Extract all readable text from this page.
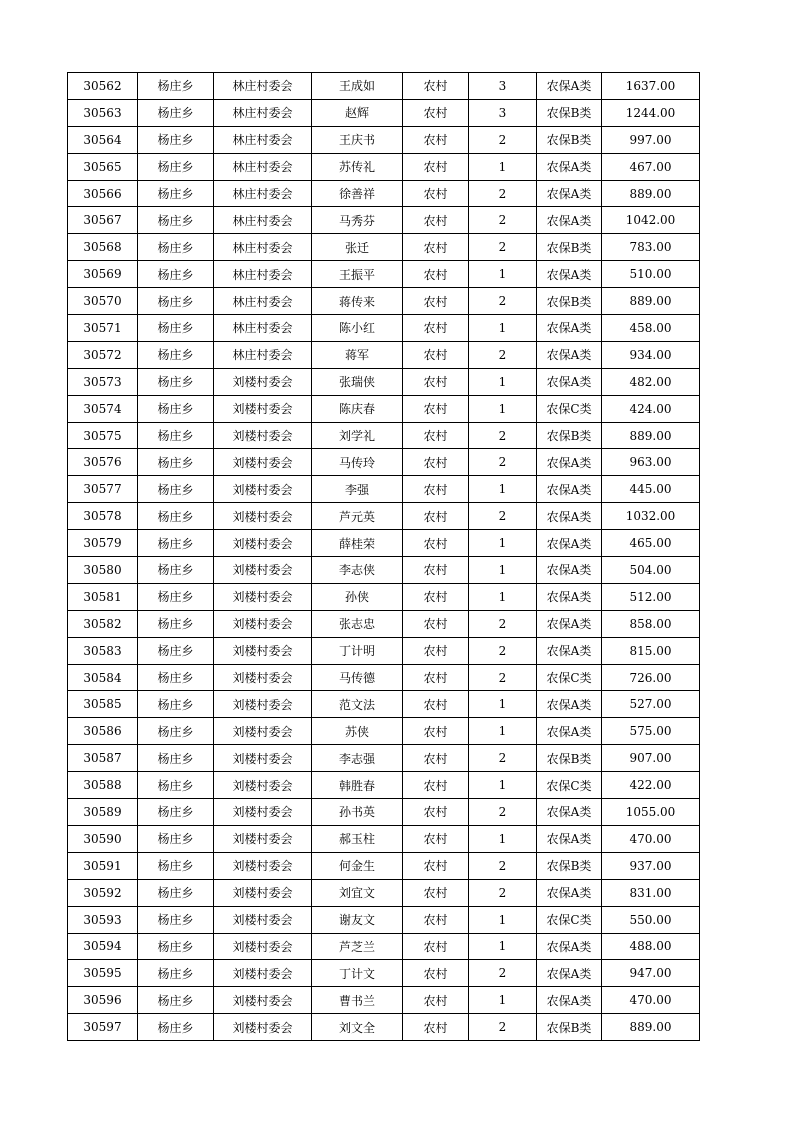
30562	杨庄乡	林庄村委会	王成如	农村	3	农保A类	1637.00
30563	杨庄乡	林庄村委会	赵辉	农村	3	农保B类	1244.00
30564	杨庄乡	林庄村委会	王庆书	农村	2	农保B类	997.00
30565	杨庄乡	林庄村委会	苏传礼	农村	1	农保A类	467.00
30566	杨庄乡	林庄村委会	徐善祥	农村	2	农保A类	889.00
30567	杨庄乡	林庄村委会	马秀芬	农村	2	农保A类	1042.00
30568	杨庄乡	林庄村委会	张迁	农村	2	农保B类	783.00
30569	杨庄乡	林庄村委会	王振平	农村	1	农保A类	510.00
30570	杨庄乡	林庄村委会	蒋传来	农村	2	农保B类	889.00
30571	杨庄乡	林庄村委会	陈小红	农村	1	农保A类	458.00
30572	杨庄乡	林庄村委会	蒋军	农村	2	农保A类	934.00
30573	杨庄乡	刘楼村委会	张瑞侠	农村	1	农保A类	482.00
30574	杨庄乡	刘楼村委会	陈庆春	农村	1	农保C类	424.00
30575	杨庄乡	刘楼村委会	刘学礼	农村	2	农保B类	889.00
30576	杨庄乡	刘楼村委会	马传玲	农村	2	农保A类	963.00
30577	杨庄乡	刘楼村委会	李强	农村	1	农保A类	445.00
30578	杨庄乡	刘楼村委会	芦元英	农村	2	农保A类	1032.00
30579	杨庄乡	刘楼村委会	薛桂荣	农村	1	农保A类	465.00
30580	杨庄乡	刘楼村委会	李志侠	农村	1	农保A类	504.00
30581	杨庄乡	刘楼村委会	孙侠	农村	1	农保A类	512.00
30582	杨庄乡	刘楼村委会	张志忠	农村	2	农保A类	858.00
30583	杨庄乡	刘楼村委会	丁计明	农村	2	农保A类	815.00
30584	杨庄乡	刘楼村委会	马传德	农村	2	农保C类	726.00
30585	杨庄乡	刘楼村委会	范文法	农村	1	农保A类	527.00
30586	杨庄乡	刘楼村委会	苏侠	农村	1	农保A类	575.00
30587	杨庄乡	刘楼村委会	李志强	农村	2	农保B类	907.00
30588	杨庄乡	刘楼村委会	韩胜春	农村	1	农保C类	422.00
30589	杨庄乡	刘楼村委会	孙书英	农村	2	农保A类	1055.00
30590	杨庄乡	刘楼村委会	郝玉柱	农村	1	农保A类	470.00
30591	杨庄乡	刘楼村委会	何金生	农村	2	农保B类	937.00
30592	杨庄乡	刘楼村委会	刘宜文	农村	2	农保A类	831.00
30593	杨庄乡	刘楼村委会	谢友文	农村	1	农保C类	550.00
30594	杨庄乡	刘楼村委会	芦芝兰	农村	1	农保A类	488.00
30595	杨庄乡	刘楼村委会	丁计文	农村	2	农保A类	947.00
30596	杨庄乡	刘楼村委会	曹书兰	农村	1	农保A类	470.00
30597	杨庄乡	刘楼村委会	刘文全	农村	2	农保B类	889.00
